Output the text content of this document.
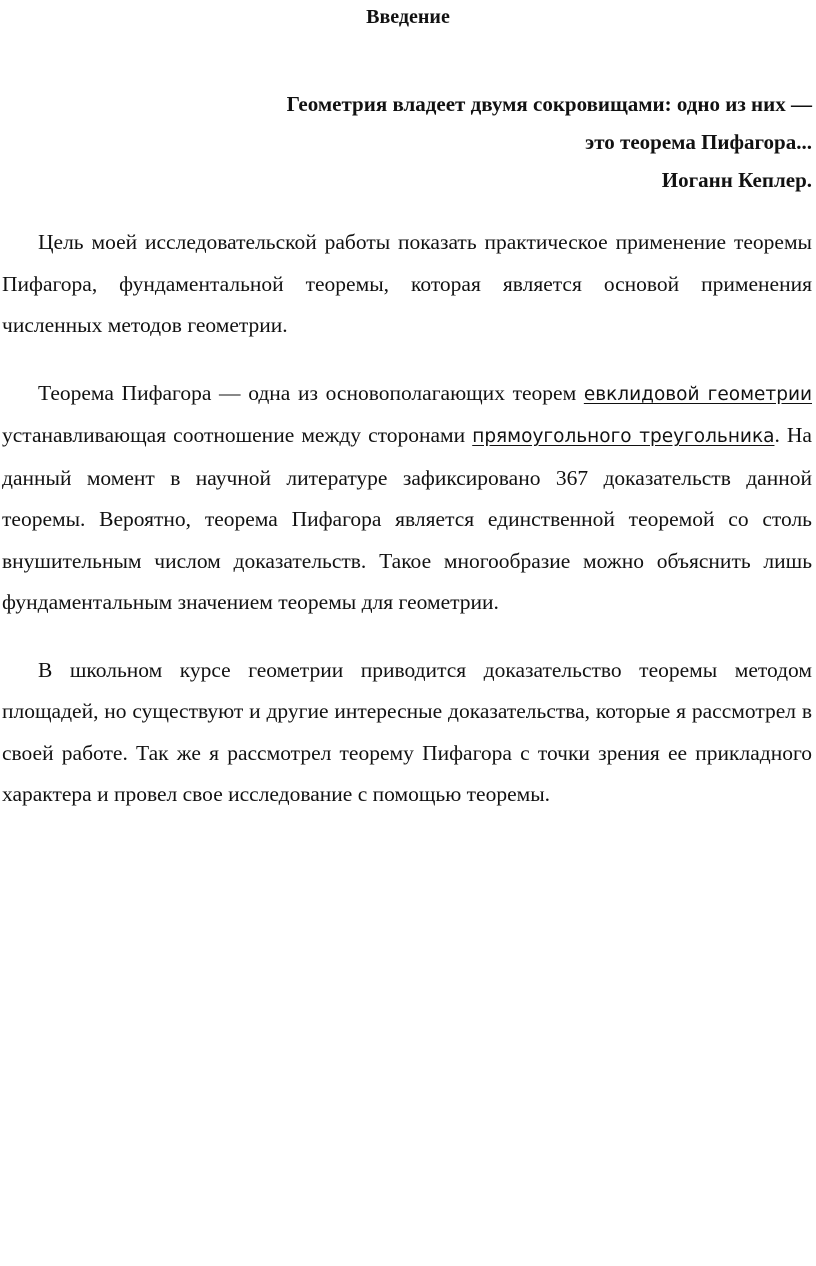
Введение
Геометрия владеет двумя сокровищами: одно из них —
это теорема Пифагора...
Иоганн Кеплер.

Цель моей исследовательской работы показать практическое применение теоремы Пифагора, фундаментальной теоремы, которая является основой применения численных методов геометрии.

Теорема Пифагора — одна из основополагающих теорем евклидовой геометрии устанавливающая соотношение между сторонами прямоугольного треугольника. На данный момент в научной литературе зафиксировано 367 доказательств данной теоремы. Вероятно, теорема Пифагора является единственной теоремой со столь внушительным числом доказательств. Такое многообразие можно объяснить лишь фундаментальным значением теоремы для геометрии.

В школьном курсе геометрии приводится доказательство теоремы методом площадей, но существуют и другие интересные доказательства, которые я рассмотрел в своей работе. Так же я рассмотрел теорему Пифагора с точки зрения ее прикладного характера и провел свое исследование с помощью теоремы.
